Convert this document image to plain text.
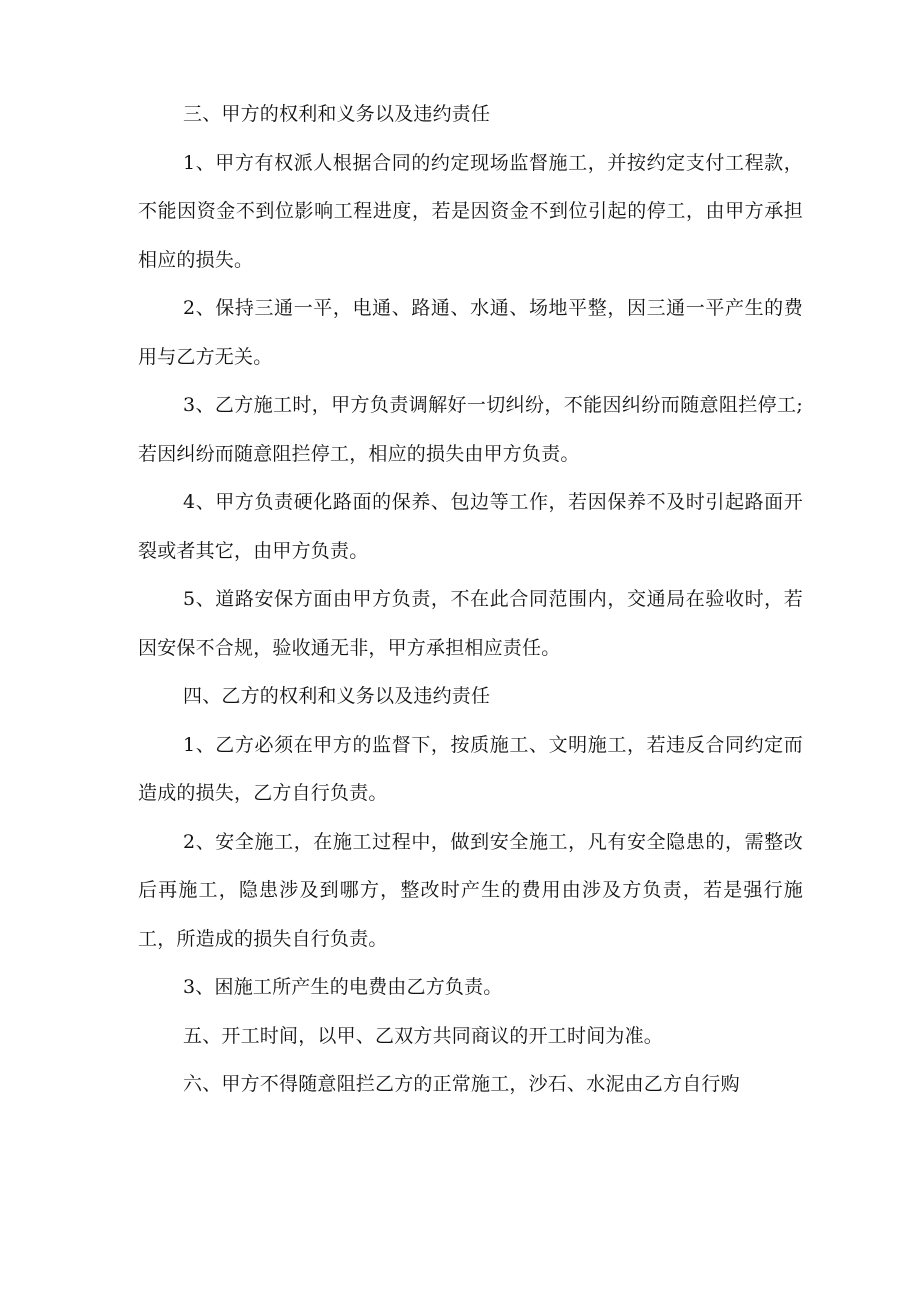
三、甲方的权利和义务以及违约责任

1、甲方有权派人根据合同的约定现场监督施工，并按约定支付工程款，不能因资金不到位影响工程进度，若是因资金不到位引起的停工，由甲方承担相应的损失。

2、保持三通一平，电通、路通、水通、场地平整，因三通一平产生的费用与乙方无关。

3、乙方施工时，甲方负责调解好一切纠纷，不能因纠纷而随意阻拦停工;若因纠纷而随意阻拦停工，相应的损失由甲方负责。

4、甲方负责硬化路面的保养、包边等工作，若因保养不及时引起路面开裂或者其它，由甲方负责。

5、道路安保方面由甲方负责，不在此合同范围内，交通局在验收时，若因安保不合规，验收通无非，甲方承担相应责任。

四、乙方的权利和义务以及违约责任

1、乙方必须在甲方的监督下，按质施工、文明施工，若违反合同约定而造成的损失，乙方自行负责。

2、安全施工，在施工过程中，做到安全施工，凡有安全隐患的，需整改后再施工，隐患涉及到哪方，整改时产生的费用由涉及方负责，若是强行施工，所造成的损失自行负责。

3、困施工所产生的电费由乙方负责。

五、开工时间，以甲、乙双方共同商议的开工时间为准。

六、甲方不得随意阻拦乙方的正常施工，沙石、水泥由乙方自行购
